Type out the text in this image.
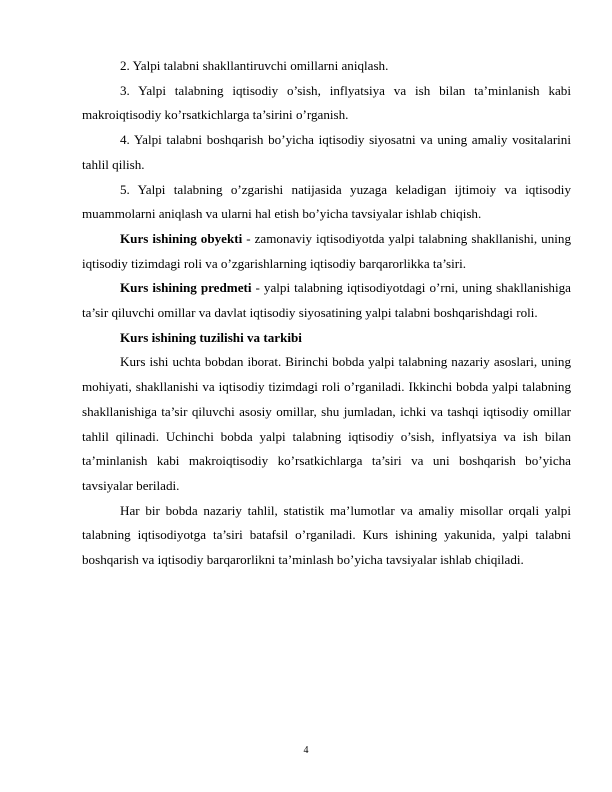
2. Yalpi talabni shakllantiruvchi omillarni aniqlash.

3. Yalpi talabning iqtisodiy o’sish, inflyatsiya va ish bilan ta’minlanish kabi makroiqtisodiy ko’rsatkichlarga ta’sirini o’rganish.

4. Yalpi talabni boshqarish bo’yicha iqtisodiy siyosatni va uning amaliy vositalarini tahlil qilish.

5. Yalpi talabning o’zgarishi natijasida yuzaga keladigan ijtimoiy va iqtisodiy muammolarni aniqlash va ularni hal etish bo’yicha tavsiyalar ishlab chiqish.

Kurs ishining obyekti - zamonaviy iqtisodiyotda yalpi talabning shakllanishi, uning iqtisodiy tizimdagi roli va o’zgarishlarning iqtisodiy barqarorlikka ta’siri.

Kurs ishining predmeti - yalpi talabning iqtisodiyotdagi o’rni, uning shakllanishiga ta’sir qiluvchi omillar va davlat iqtisodiy siyosatining yalpi talabni boshqarishdagi roli.

Kurs ishining tuzilishi va tarkibi

Kurs ishi uchta bobdan iborat. Birinchi bobda yalpi talabning nazariy asoslari, uning mohiyati, shakllanishi va iqtisodiy tizimdagi roli o’rganiladi. Ikkinchi bobda yalpi talabning shakllanishiga ta’sir qiluvchi asosiy omillar, shu jumladan, ichki va tashqi iqtisodiy omillar tahlil qilinadi. Uchinchi bobda yalpi talabning iqtisodiy o’sish, inflyatsiya va ish bilan ta’minlanish kabi makroiqtisodiy ko’rsatkichlarga ta’siri va uni boshqarish bo’yicha tavsiyalar beriladi.

Har bir bobda nazariy tahlil, statistik ma’lumotlar va amaliy misollar orqali yalpi talabning iqtisodiyotga ta’siri batafsil o’rganiladi. Kurs ishining yakunida, yalpi talabni boshqarish va iqtisodiy barqarorlikni ta’minlash bo’yicha tavsiyalar ishlab chiqiladi.

4
